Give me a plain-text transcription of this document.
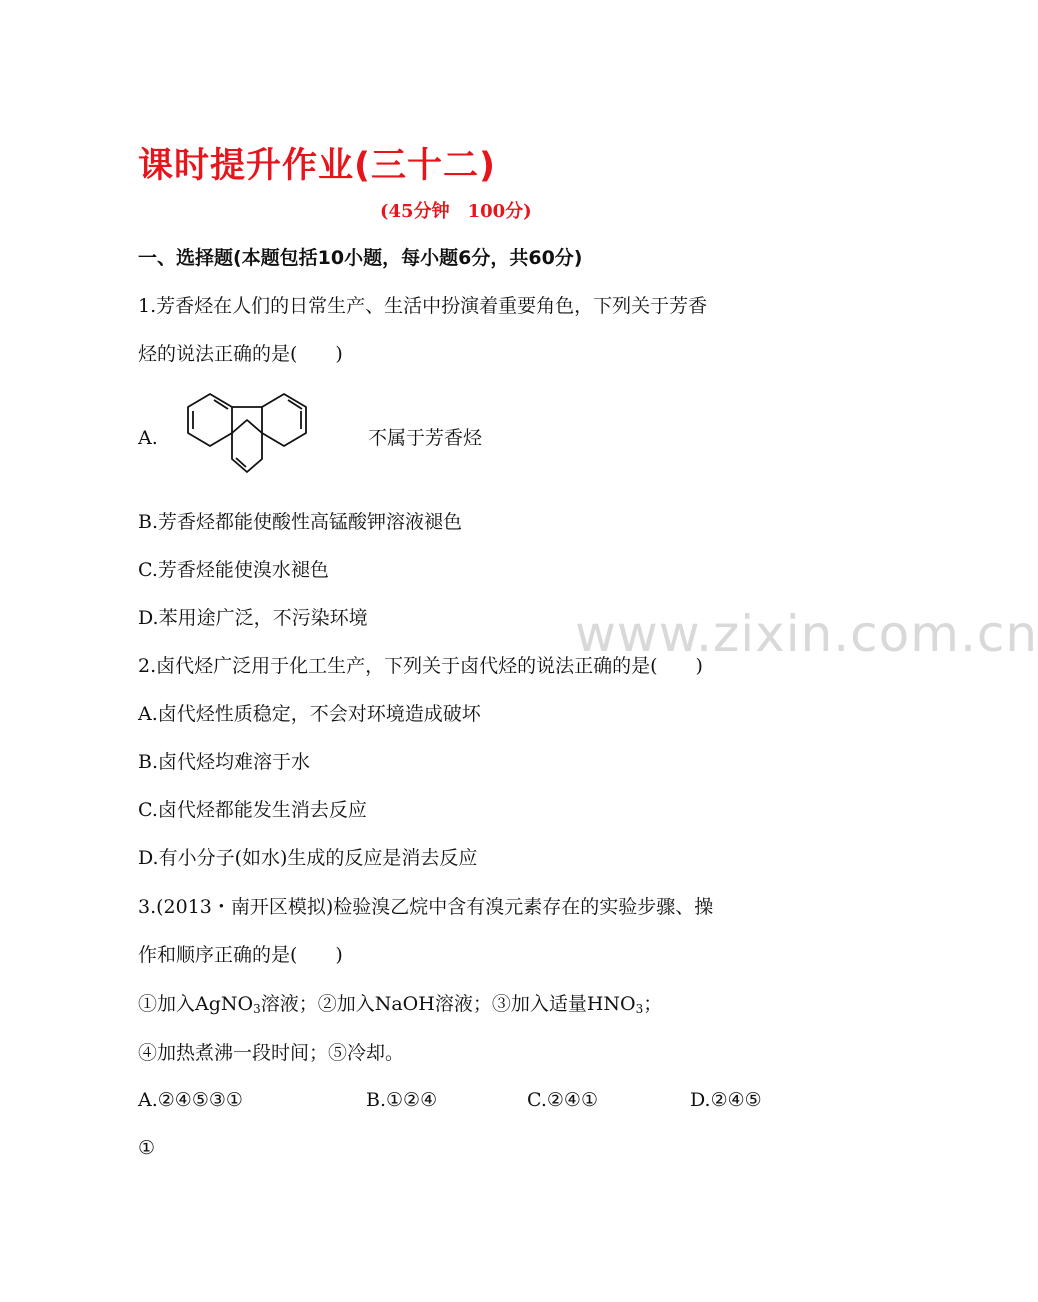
课时提升作业(三十二)
(45分钟　100分)
一、选择题(本题包括10小题，每小题6分，共60分)
1.芳香烃在人们的日常生产、生活中扮演着重要角色，下列关于芳香
烃的说法正确的是(　　)
A.	不属于芳香烃
B.芳香烃都能使酸性高锰酸钾溶液褪色
C.芳香烃能使溴水褪色
D.苯用途广泛，不污染环境	www.zixin.com.cn
2.卤代烃广泛用于化工生产，下列关于卤代烃的说法正确的是(　　)
A.卤代烃性质稳定，不会对环境造成破坏
B.卤代烃均难溶于水
C.卤代烃都能发生消去反应
D.有小分子(如水)生成的反应是消去反应
3.(2013・南开区模拟)检验溴乙烷中含有溴元素存在的实验步骤、操
作和顺序正确的是(　　)
①加入AgNO$_3$溶液；②加入NaOH溶液；③加入适量$HNO_3$；
④加热煮沸一段时间；⑤冷却。
A.②④⑤③①	B.①②④	C.②④①	D.②④⑤
①
